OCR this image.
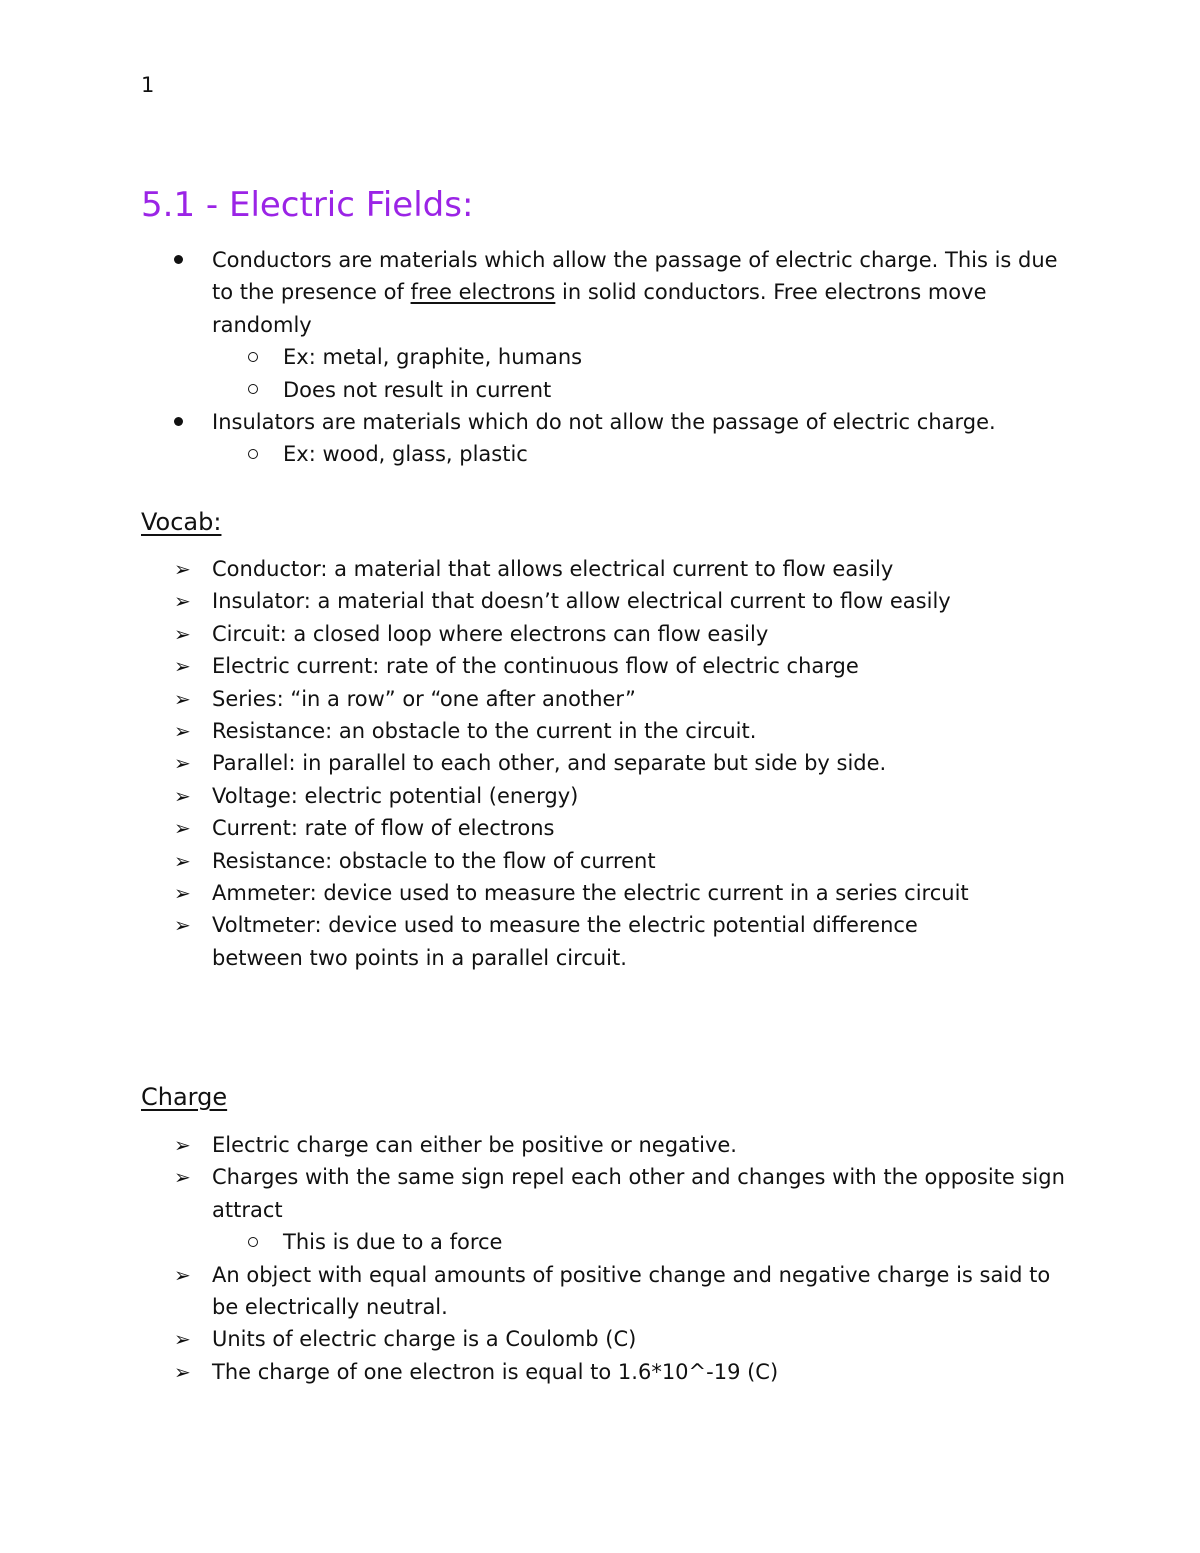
1
5.1 - Electric Fields:
Conductors are materials which allow the passage of electric charge. This is due to the presence of free electrons in solid conductors. Free electrons move randomly
Ex: metal, graphite, humans
Does not result in current
Insulators are materials which do not allow the passage of electric charge.
Ex: wood, glass, plastic
Vocab:
➢ Conductor: a material that allows electrical current to flow easily
➢ Insulator: a material that doesn’t allow electrical current to flow easily
➢ Circuit: a closed loop where electrons can flow easily
➢ Electric current: rate of the continuous flow of electric charge
➢ Series: “in a row” or “one after another”
➢ Resistance: an obstacle to the current in the circuit.
➢ Parallel: in parallel to each other, and separate but side by side.
➢ Voltage: electric potential (energy)
➢ Current: rate of flow of electrons
➢ Resistance: obstacle to the flow of current
➢ Ammeter: device used to measure the electric current in a series circuit
➢ Voltmeter: device used to measure the electric potential difference between two points in a parallel circuit.
Charge
➢ Electric charge can either be positive or negative.
➢ Charges with the same sign repel each other and changes with the opposite sign attract
This is due to a force
➢ An object with equal amounts of positive change and negative charge is said to be electrically neutral.
➢ Units of electric charge is a Coulomb (C)
➢ The charge of one electron is equal to 1.6*10^-19 (C)
